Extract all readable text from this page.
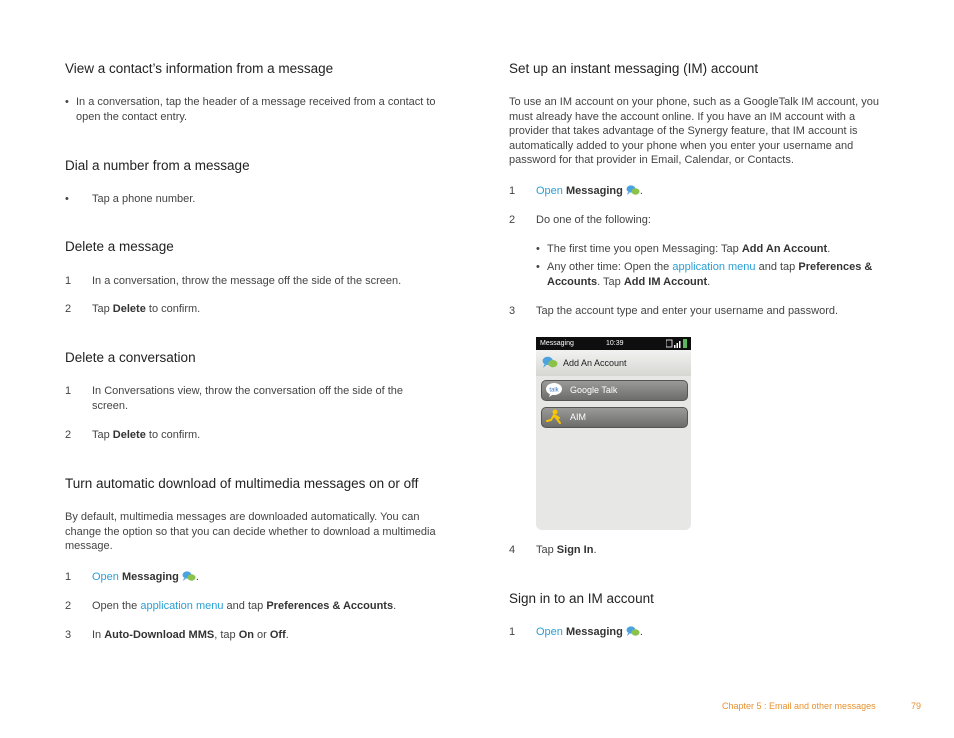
View a contact’s information from a message
• In a conversation, tap the header of a message received from a contact to open the contact entry.
Dial a number from a message
• Tap a phone number.
Delete a message
1 In a conversation, throw the message off the side of the screen.
2 Tap Delete to confirm.
Delete a conversation
1 In Conversations view, throw the conversation off the side of the screen.
2 Tap Delete to confirm.
Turn automatic download of multimedia messages on or off
By default, multimedia messages are downloaded automatically. You can change the option so that you can decide whether to download a multimedia message.
1 Open Messaging .
2 Open the application menu and tap Preferences & Accounts.
3 In Auto-Download MMS, tap On or Off.
Set up an instant messaging (IM) account
To use an IM account on your phone, such as a GoogleTalk IM account, you must already have the account online. If you have an IM account with a provider that takes advantage of the Synergy feature, that IM account is automatically added to your phone when you enter your username and password for that provider in Email, Calendar, or Contacts.
1 Open Messaging .
2 Do one of the following:
• The first time you open Messaging: Tap Add An Account.
• Any other time: Open the application menu and tap Preferences & Accounts. Tap Add IM Account.
3 Tap the account type and enter your username and password.
Messaging	10:39
Add An Account
talk Google Talk
AIM
4 Tap Sign In.
Sign in to an IM account
1 Open Messaging .
Chapter 5 : Email and other messages	79
